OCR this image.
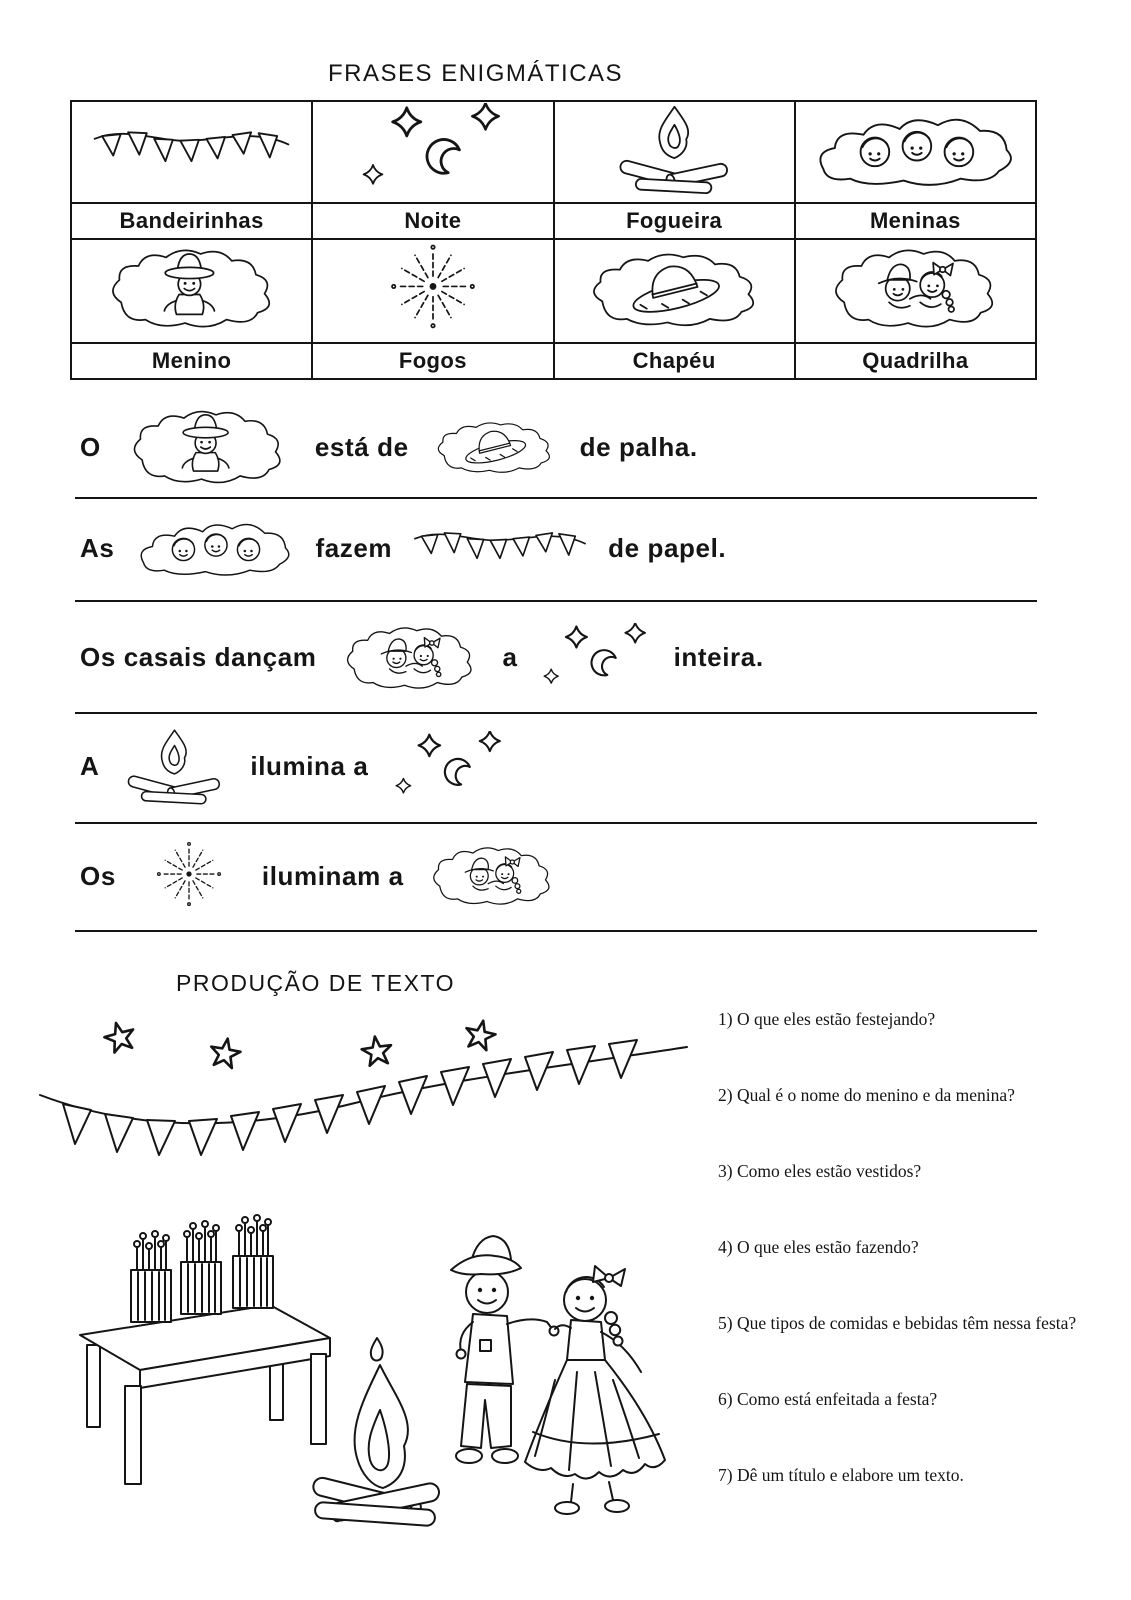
FRASES ENIGMÁTICAS

Bandeirinhas	Noite	Fogueira	Meninas

Menino	Fogos	Chapéu	Quadrilha
O	está de	de palha.
As	fazem	de papel.
Os casais dançam	a	inteira.
A	ilumina a
Os	iluminam a
PRODUÇÃO DE TEXTO
1) O que eles estão festejando?
2) Qual é o nome do menino e da menina?
3) Como eles estão vestidos?
4) O que eles estão fazendo?
5) Que tipos de comidas e bebidas têm nessa festa?
6) Como está enfeitada a festa?
7) Dê um título e elabore um texto.
